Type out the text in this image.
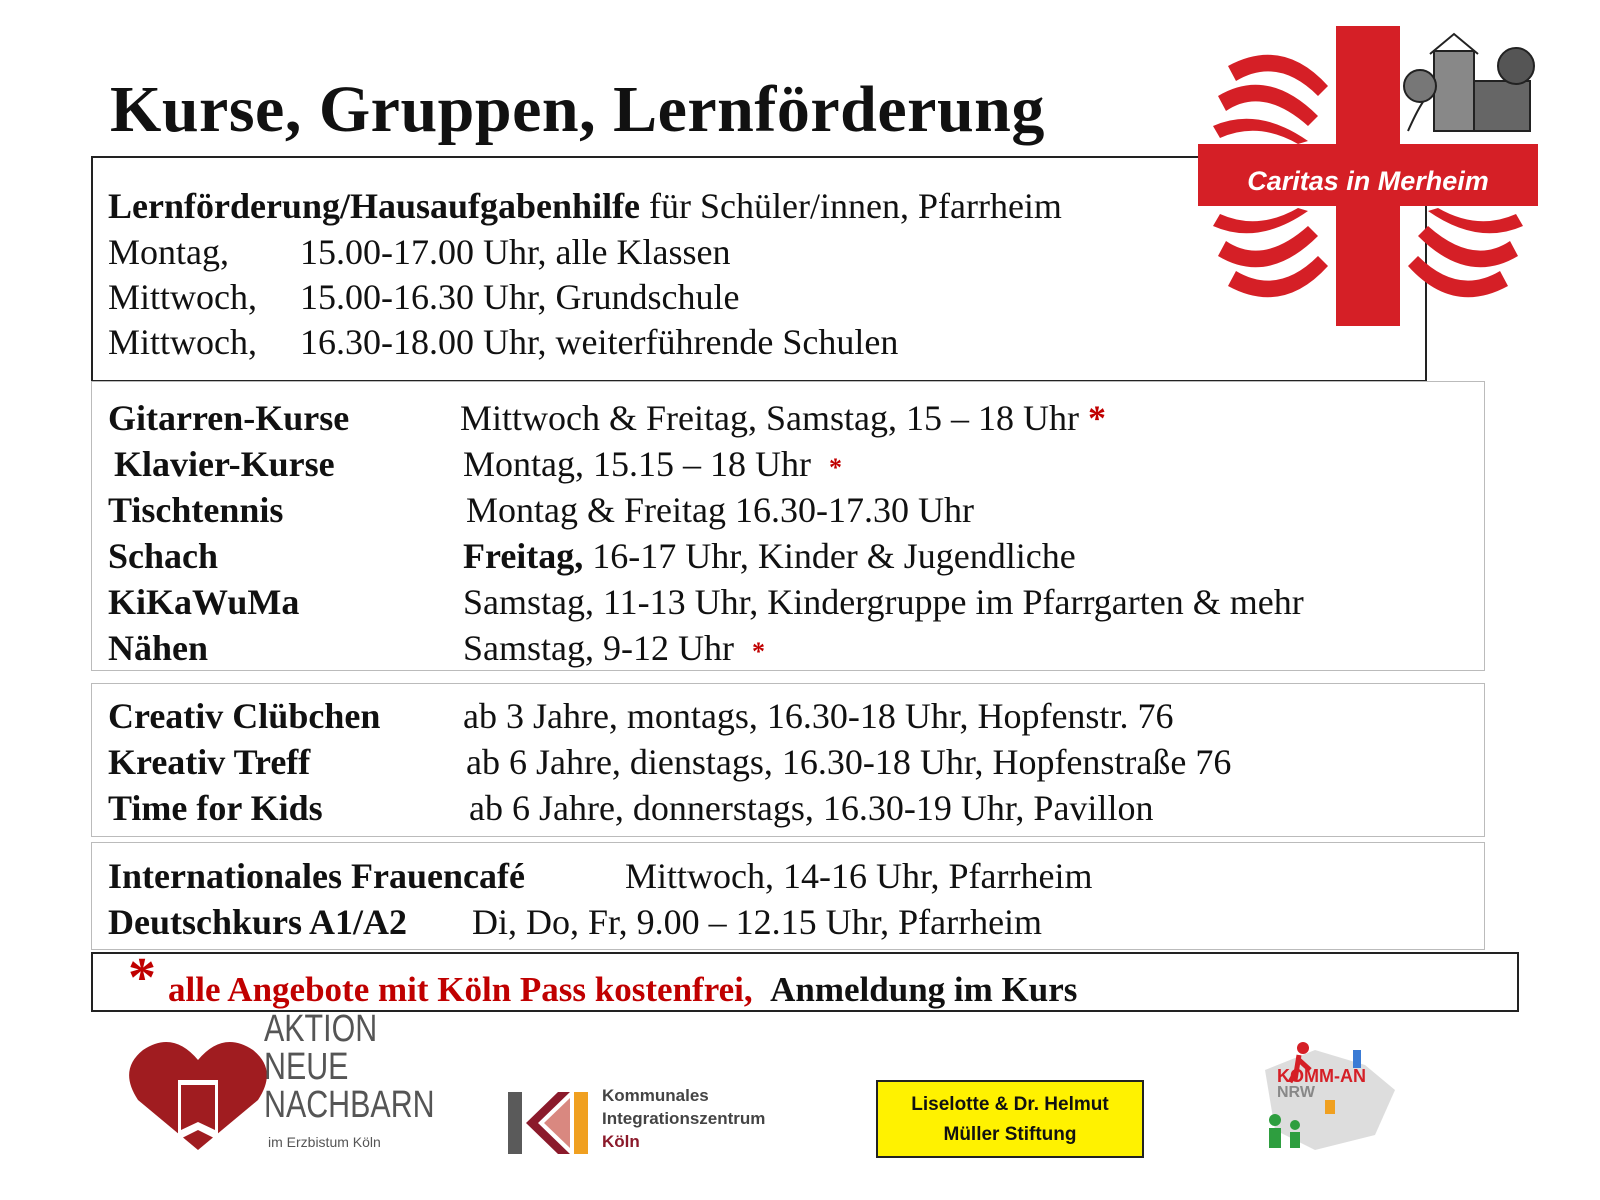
Kurse, Gruppen, Lernförderung
Lernförderung/Hausaufgabenhilfe für Schüler/innen, Pfarrheim
Montag, 15.00-17.00 Uhr, alle Klassen
Mittwoch, 15.00-16.30 Uhr, Grundschule
Mittwoch, 16.30-18.00 Uhr, weiterführende Schulen
Gitarren-Kurse	Mittwoch & Freitag, Samstag, 15 – 18 Uhr *
Klavier-Kurse	Montag, 15.15 – 18 Uhr *
Tischtennis	Montag & Freitag 16.30-17.30 Uhr
Schach	Freitag, 16-17 Uhr, Kinder & Jugendliche
KiKaWuMa	Samstag, 11-13 Uhr, Kindergruppe im Pfarrgarten & mehr
Nähen	Samstag, 9-12 Uhr *
Creativ Clübchen ab 3 Jahre, montags, 16.30-18 Uhr, Hopfenstr. 76
Kreativ Treff	ab 6 Jahre, dienstags, 16.30-18 Uhr, Hopfenstraße 76
Time for Kids	ab 6 Jahre, donnerstags, 16.30-19 Uhr, Pavillon
Internationales Frauencafé	Mittwoch, 14-16 Uhr, Pfarrheim
Deutschkurs A1/A2 Di, Do, Fr, 9.00 – 12.15 Uhr, Pfarrheim
* alle Angebote mit Köln Pass kostenfrei, Anmeldung im Kurs
Caritas in Merheim
AKTION
NEUE
NACHBARN
im Erzbistum Köln
Kommunales
Integrationszentrum
Köln
Liselotte & Dr. Helmut
Müller Stiftung
KOMM-AN
NRW
